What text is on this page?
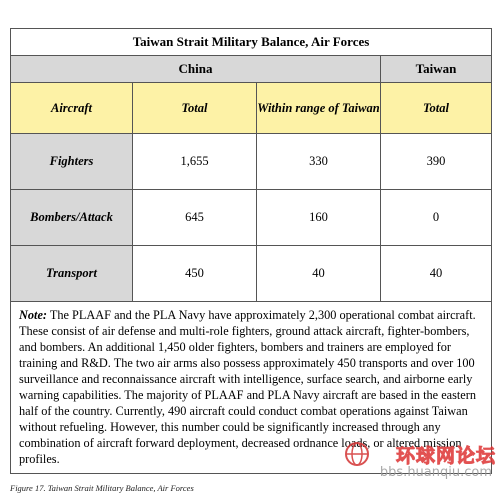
Taiwan Strait Military Balance, Air Forces			
China			Taiwan
Aircraft	Total	Within range of Taiwan	Total
Fighters	1,655	330	390
Bombers/Attack	645	160	0
Transport	450	40	40
Note: The PLAAF and the PLA Navy have approximately 2,300 operational combat aircraft. These consist of air defense and multi-role fighters, ground attack aircraft, fighter-bombers, and bombers. An additional 1,450 older fighters, bombers and trainers are employed for training and R&D. The two air arms also possess approximately 450 transports and over 100 surveillance and reconnaissance aircraft with intelligence, surface search, and airborne early warning capabilities. The majority of PLAAF and PLA Navy aircraft are based in the eastern half of the country. Currently, 490 aircraft could conduct combat operations against Taiwan without refueling. However, this number could be significantly increased through any combination of aircraft forward deployment, decreased ordnance loads, or altered mission profiles.			
Figure 17. Taiwan Strait Military Balance, Air Forces
环球网论坛
bbs.huanqiu.com
